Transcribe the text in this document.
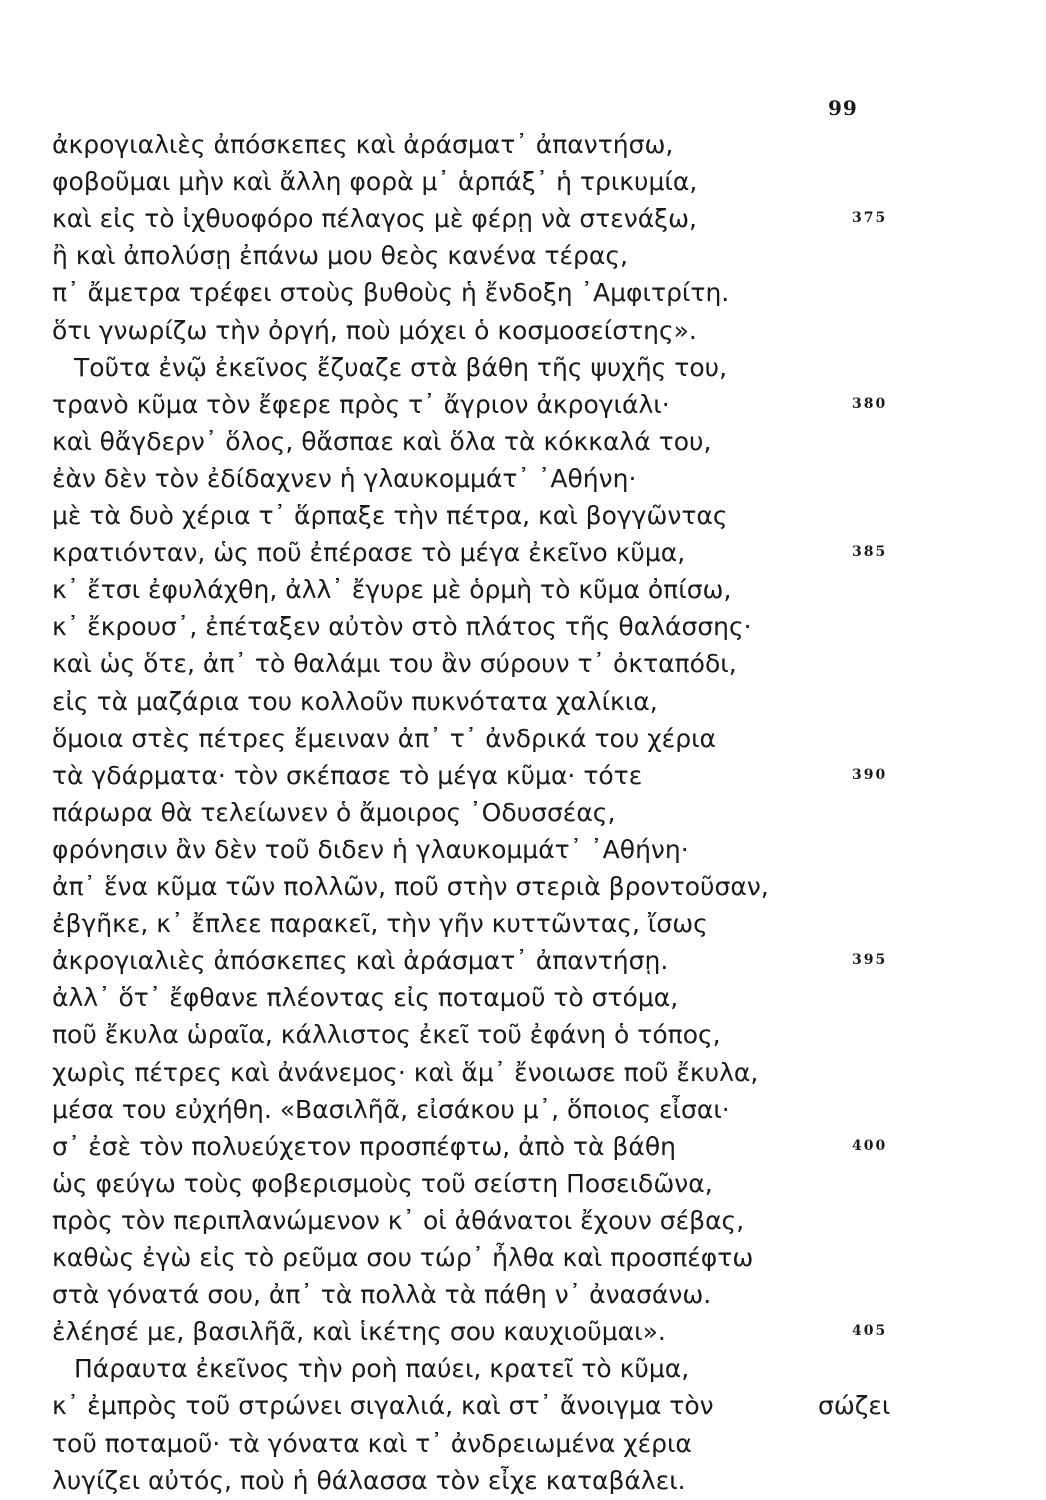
99
ἀκρογιαλιὲς ἀπόσκεπες καὶ ἀράσματ᾽ ἀπαντήσω,
φοβοῦμαι μὴν καὶ ἄλλη φορὰ μ᾽ ἁρπάξ᾽ ἡ τρικυμία,
καὶ εἰς τὸ ἰχθυοφόρο πέλαγος μὲ φέρῃ νὰ στενάξω,	375
ἢ καὶ ἀπολύσῃ ἐπάνω μου θεὸς κανένα τέρας,
π᾽ ἄμετρα τρέφει στοὺς βυθοὺς ἡ ἔνδοξη ᾿Αμφιτρίτη.
ὅτι γνωρίζω τὴν ὀργή, ποὺ μόχει ὁ κοσμοσείστης».
Τοῦτα ἐνῷ ἐκεῖνος ἔζυαζε στὰ βάθη τῆς ψυχῆς του,
τρανὸ κῦμα τὸν ἔφερε πρὸς τ᾽ ἄγριον ἀκρογιάλι·	380
καὶ θἄγδερν᾽ ὅλος, θἄσπαε καὶ ὅλα τὰ κόκκαλά του,
ἐὰν δὲν τὸν ἐδίδαχνεν ἡ γλαυκομμάτ᾽ ᾿Αθήνη·
μὲ τὰ δυὸ χέρια τ᾽ ἅρπαξε τὴν πέτρα, καὶ βογγῶντας
κρατιόνταν, ὡς ποῦ ἐπέρασε τὸ μέγα ἐκεῖνο κῦμα,	385
κ᾽ ἔτσι ἐφυλάχθη, ἀλλ᾽ ἔγυρε μὲ ὁρμὴ τὸ κῦμα ὀπίσω,
κ᾽ ἔκρουσ᾽, ἐπέταξεν αὐτὸν στὸ πλάτος τῆς θαλάσσης·
καὶ ὡς ὅτε, ἀπ᾽ τὸ θαλάμι του ἂν σύρουν τ᾽ ὀκταπόδι,
εἰς τὰ μαζάρια του κολλοῦν πυκνότατα χαλίκια,
ὅμοια στὲς πέτρες ἔμειναν ἀπ᾽ τ᾽ ἀνδρικά του χέρια
τὰ γδάρματα· τὸν σκέπασε τὸ μέγα κῦμα· τότε	390
πάρωρα θὰ τελείωνεν ὁ ἄμοιρος ᾿Οδυσσέας,
φρόνησιν ἂν δὲν τοῦ διδεν ἡ γλαυκομμάτ᾽ ᾿Αθήνη·
ἀπ᾽ ἕνα κῦμα τῶν πολλῶν, ποῦ στὴν στεριὰ βροντοῦσαν,
ἐβγῆκε, κ᾽ ἔπλεε παρακεῖ, τὴν γῆν κυττῶντας, ἴσως
ἀκρογιαλιὲς ἀπόσκεπες καὶ ἀράσματ᾽ ἀπαντήσῃ.	395
ἀλλ᾽ ὅτ᾽ ἔφθανε πλέοντας εἰς ποταμοῦ τὸ στόμα,
ποῦ ἔκυλα ὡραῖα, κάλλιστος ἐκεῖ τοῦ ἐφάνη ὁ τόπος,
χωρὶς πέτρες καὶ ἀνάνεμος· καὶ ἅμ᾽ ἔνοιωσε ποῦ ἔκυλα,
μέσα του εὐχήθη. «Βασιλῆᾶ, εἰσάκου μ᾽, ὅποιος εἶσαι·
σ᾽ ἐσὲ τὸν πολυεύχετον προσπέφτω, ἀπὸ τὰ βάθη	400
ὡς φεύγω τοὺς φοβερισμοὺς τοῦ σείστη Ποσειδῶνα,
πρὸς τὸν περιπλανώμενον κ᾽ οἱ ἀθάνατοι ἔχουν σέβας,
καθὼς ἐγὼ εἰς τὸ ρεῦμα σου τώρ᾽ ἦλθα καὶ προσπέφτω
στὰ γόνατά σου, ἀπ᾽ τὰ πολλὰ τὰ πάθη ν᾽ ἀνασάνω.
ἐλέησέ με, βασιλῆᾶ, καὶ ἱκέτης σου καυχιοῦμαι».	405
Πάραυτα ἐκεῖνος τὴν ροὴ παύει, κρατεῖ τὸ κῦμα,
κ᾽ ἐμπρὸς τοῦ στρώνει σιγαλιά, καὶ στ᾽ ἄνοιγμα τὸν	σώζει
τοῦ ποταμοῦ· τὰ γόνατα καὶ τ᾽ ἀνδρειωμένα χέρια
λυγίζει αὐτός, ποὺ ἡ θάλασσα τὸν εἶχε καταβάλει.
